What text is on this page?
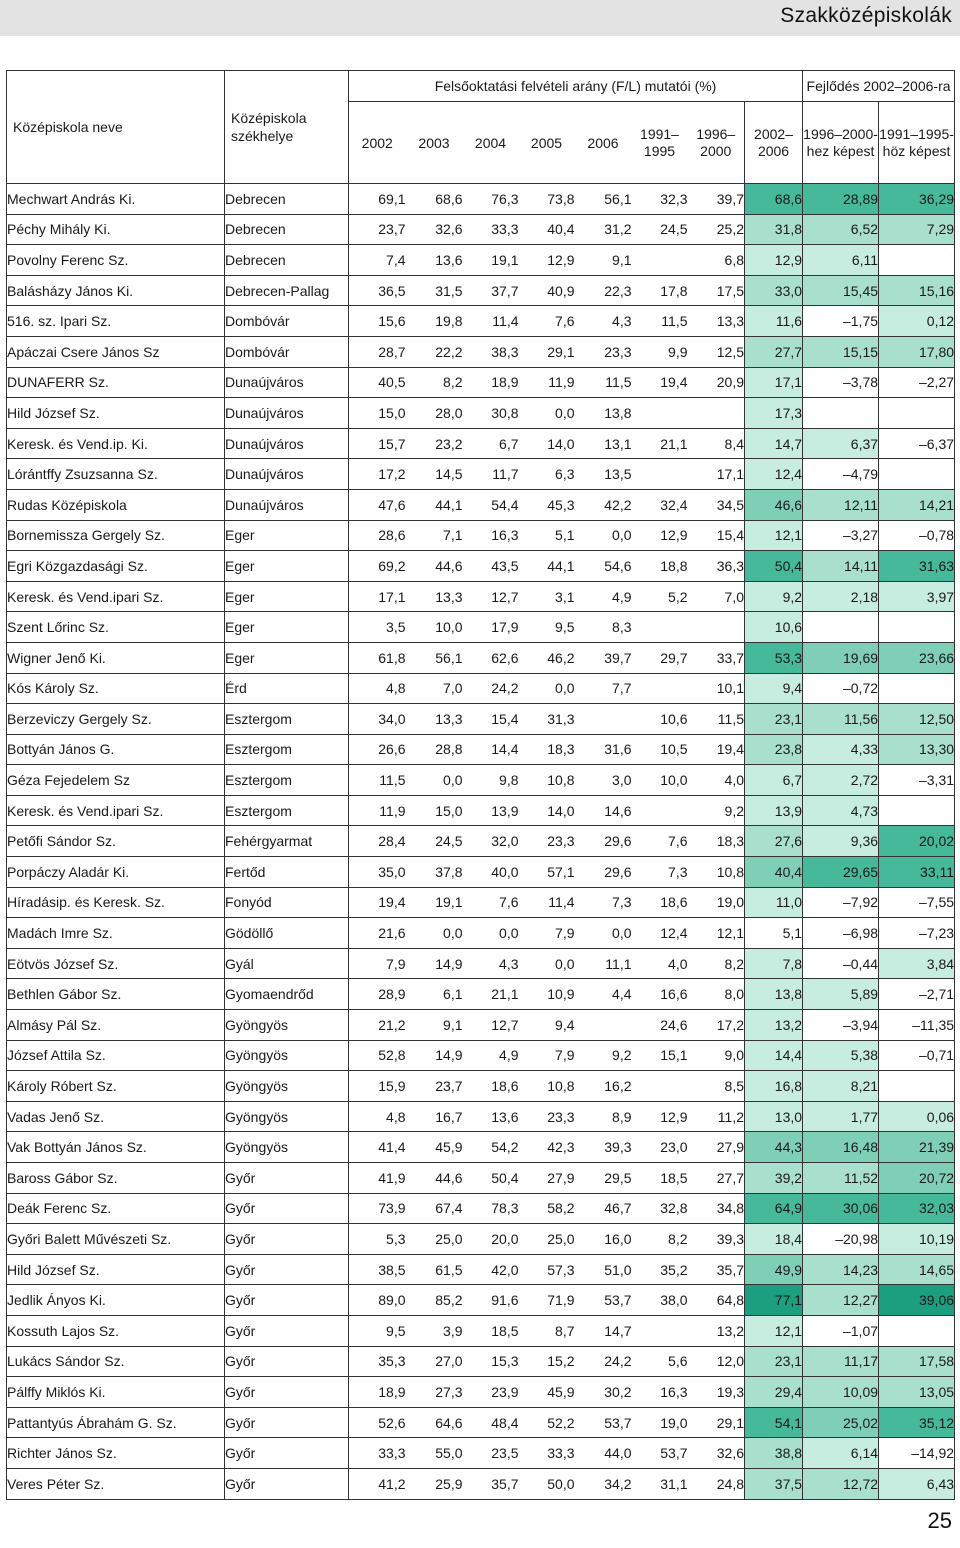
Szakközépiskolák
Középiskola neve	Középiskola székhelye	Felsőoktatási felvételi arány (F/L) mutatói (%)								Fejlődés 2002–2006-ra	
		2002	2003	2004	2005	2006	1991–1995	1996–2000	2002–2006	1996–2000-hez képest	1991–1995-höz képest
Mechwart András Ki.	Debrecen	69,1	68,6	76,3	73,8	56,1	32,3	39,7	68,6	28,89	36,29
Péchy Mihály Ki.	Debrecen	23,7	32,6	33,3	40,4	31,2	24,5	25,2	31,8	6,52	7,29
Povolny Ferenc Sz.	Debrecen	7,4	13,6	19,1	12,9	9,1		6,8	12,9	6,11	
Balásházy János Ki.	Debrecen-Pallag	36,5	31,5	37,7	40,9	22,3	17,8	17,5	33,0	15,45	15,16
516. sz. Ipari Sz.	Dombóvár	15,6	19,8	11,4	7,6	4,3	11,5	13,3	11,6	–1,75	0,12
Apáczai Csere János Sz	Dombóvár	28,7	22,2	38,3	29,1	23,3	9,9	12,5	27,7	15,15	17,80
DUNAFERR Sz.	Dunaújváros	40,5	8,2	18,9	11,9	11,5	19,4	20,9	17,1	–3,78	–2,27
Hild József Sz.	Dunaújváros	15,0	28,0	30,8	0,0	13,8			17,3		
Keresk. és Vend.ip. Ki.	Dunaújváros	15,7	23,2	6,7	14,0	13,1	21,1	8,4	14,7	6,37	–6,37
Lórántffy Zsuzsanna Sz.	Dunaújváros	17,2	14,5	11,7	6,3	13,5		17,1	12,4	–4,79	
Rudas Középiskola	Dunaújváros	47,6	44,1	54,4	45,3	42,2	32,4	34,5	46,6	12,11	14,21
Bornemissza Gergely Sz.	Eger	28,6	7,1	16,3	5,1	0,0	12,9	15,4	12,1	–3,27	–0,78
Egri Közgazdasági Sz.	Eger	69,2	44,6	43,5	44,1	54,6	18,8	36,3	50,4	14,11	31,63
Keresk. és Vend.ipari Sz.	Eger	17,1	13,3	12,7	3,1	4,9	5,2	7,0	9,2	2,18	3,97
Szent Lőrinc Sz.	Eger	3,5	10,0	17,9	9,5	8,3			10,6		
Wigner Jenő Ki.	Eger	61,8	56,1	62,6	46,2	39,7	29,7	33,7	53,3	19,69	23,66
Kós Károly Sz.	Érd	4,8	7,0	24,2	0,0	7,7		10,1	9,4	–0,72	
Berzeviczy Gergely Sz.	Esztergom	34,0	13,3	15,4	31,3		10,6	11,5	23,1	11,56	12,50
Bottyán János G.	Esztergom	26,6	28,8	14,4	18,3	31,6	10,5	19,4	23,8	4,33	13,30
Géza Fejedelem Sz	Esztergom	11,5	0,0	9,8	10,8	3,0	10,0	4,0	6,7	2,72	–3,31
Keresk. és Vend.ipari Sz.	Esztergom	11,9	15,0	13,9	14,0	14,6		9,2	13,9	4,73	
Petőfi Sándor Sz.	Fehérgyarmat	28,4	24,5	32,0	23,3	29,6	7,6	18,3	27,6	9,36	20,02
Porpáczy Aladár Ki.	Fertőd	35,0	37,8	40,0	57,1	29,6	7,3	10,8	40,4	29,65	33,11
Híradásip. és Keresk. Sz.	Fonyód	19,4	19,1	7,6	11,4	7,3	18,6	19,0	11,0	–7,92	–7,55
Madách Imre Sz.	Gödöllő	21,6	0,0	0,0	7,9	0,0	12,4	12,1	5,1	–6,98	–7,23
Eötvös József Sz.	Gyál	7,9	14,9	4,3	0,0	11,1	4,0	8,2	7,8	–0,44	3,84
Bethlen Gábor Sz.	Gyomaendrőd	28,9	6,1	21,1	10,9	4,4	16,6	8,0	13,8	5,89	–2,71
Almásy Pál Sz.	Gyöngyös	21,2	9,1	12,7	9,4		24,6	17,2	13,2	–3,94	–11,35
József Attila Sz.	Gyöngyös	52,8	14,9	4,9	7,9	9,2	15,1	9,0	14,4	5,38	–0,71
Károly Róbert Sz.	Gyöngyös	15,9	23,7	18,6	10,8	16,2		8,5	16,8	8,21	
Vadas Jenő Sz.	Gyöngyös	4,8	16,7	13,6	23,3	8,9	12,9	11,2	13,0	1,77	0,06
Vak Bottyán János Sz.	Gyöngyös	41,4	45,9	54,2	42,3	39,3	23,0	27,9	44,3	16,48	21,39
Baross Gábor Sz.	Győr	41,9	44,6	50,4	27,9	29,5	18,5	27,7	39,2	11,52	20,72
Deák Ferenc Sz.	Győr	73,9	67,4	78,3	58,2	46,7	32,8	34,8	64,9	30,06	32,03
Győri Balett Művészeti Sz.	Győr	5,3	25,0	20,0	25,0	16,0	8,2	39,3	18,4	–20,98	10,19
Hild József Sz.	Győr	38,5	61,5	42,0	57,3	51,0	35,2	35,7	49,9	14,23	14,65
Jedlik Ányos Ki.	Győr	89,0	85,2	91,6	71,9	53,7	38,0	64,8	77,1	12,27	39,06
Kossuth Lajos Sz.	Győr	9,5	3,9	18,5	8,7	14,7		13,2	12,1	–1,07	
Lukács Sándor Sz.	Győr	35,3	27,0	15,3	15,2	24,2	5,6	12,0	23,1	11,17	17,58
Pálffy Miklós Ki.	Győr	18,9	27,3	23,9	45,9	30,2	16,3	19,3	29,4	10,09	13,05
Pattantyús Ábrahám G. Sz.	Győr	52,6	64,6	48,4	52,2	53,7	19,0	29,1	54,1	25,02	35,12
Richter János Sz.	Győr	33,3	55,0	23,5	33,3	44,0	53,7	32,6	38,8	6,14	–14,92
Veres Péter Sz.	Győr	41,2	25,9	35,7	50,0	34,2	31,1	24,8	37,5	12,72	6,43
25
